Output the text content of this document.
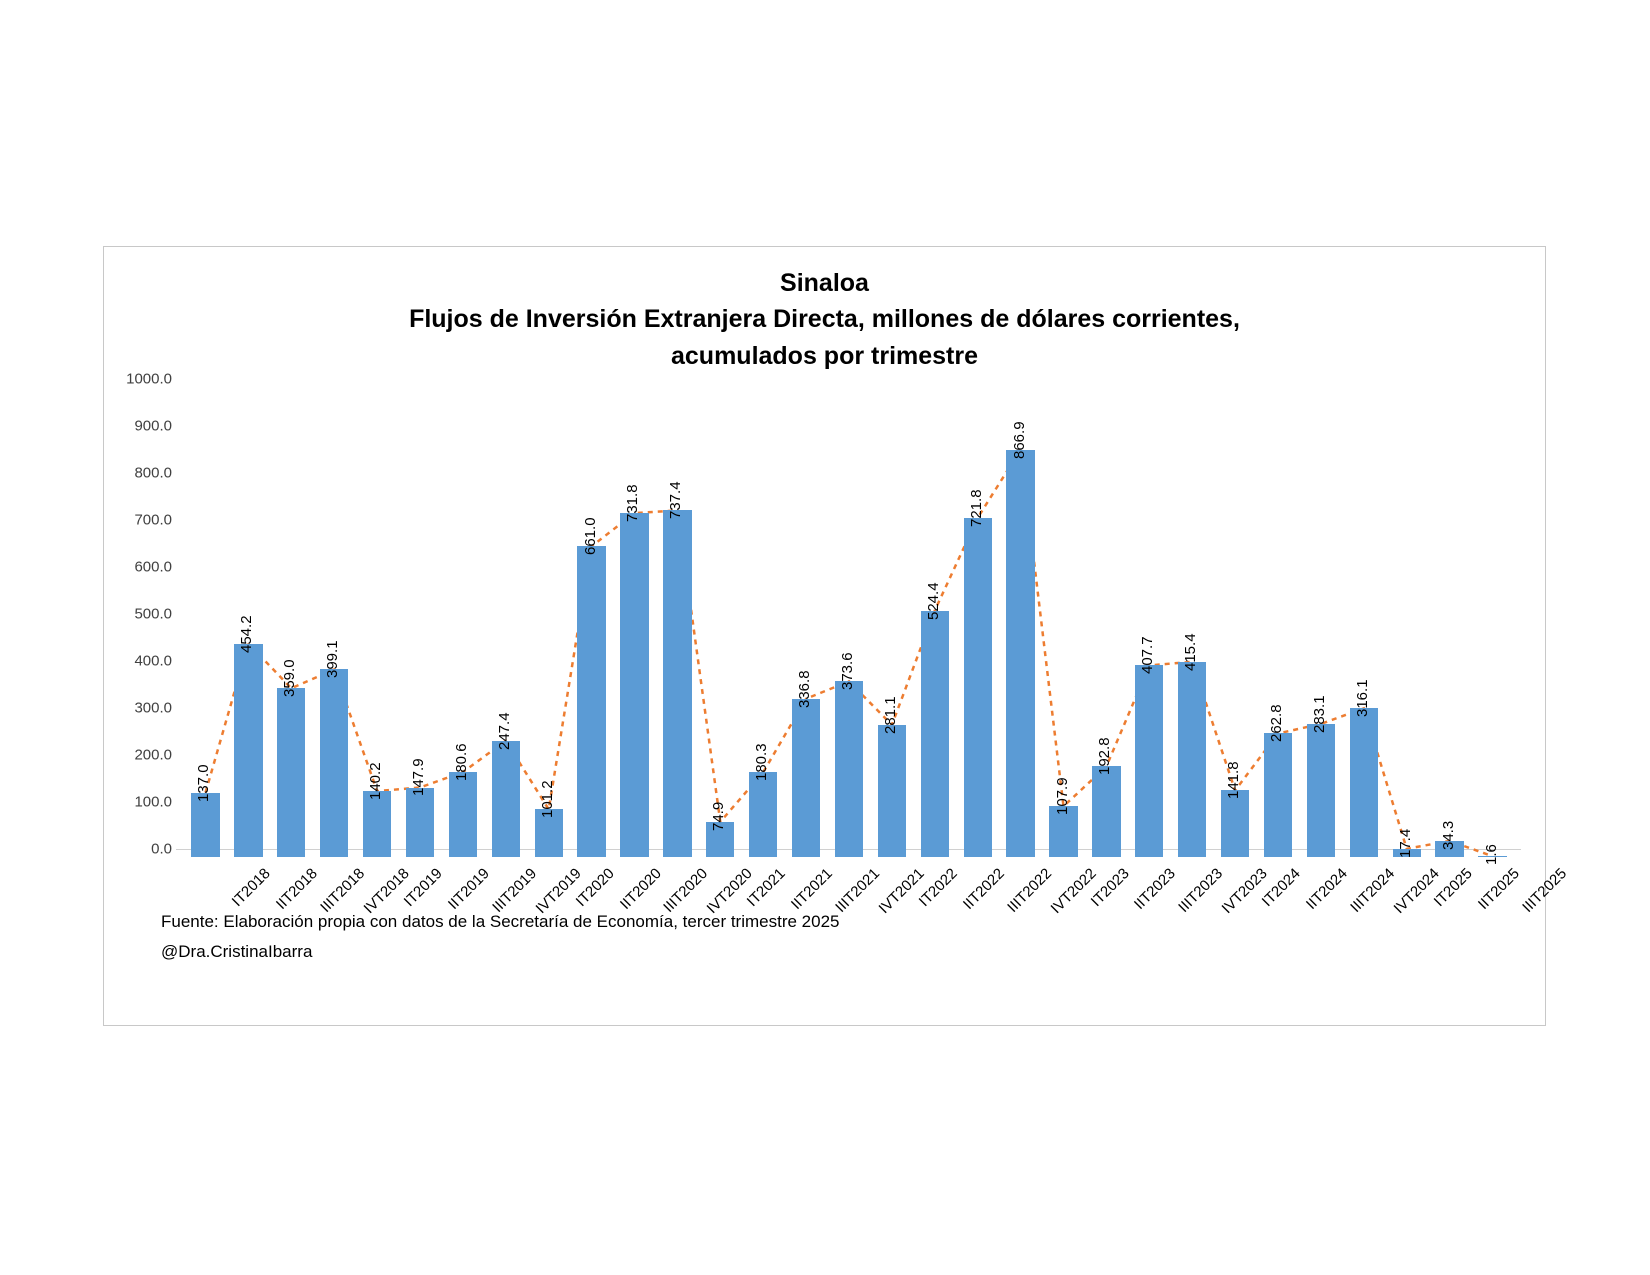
Sinaloa
Flujos de Inversión Extranjera Directa, millones de dólares corrientes,
acumulados por trimestre
0.0
100.0
200.0
300.0
400.0
500.0
600.0
700.0
800.0
900.0
1000.0
137.0
454.2
359.0
399.1
140.2 147.9 180.6
247.4
101.2
661.0
731.8 737.4
74.9
180.3
336.8 373.6
281.1
524.4
721.8
866.9
107.9
192.8
407.7 415.4
141.8
262.8 283.1 316.1
17.4 34.3
1.6
IT2018 IIT2018
IIIT2018
IVT2018
IT2019 IIT2019
IIIT2019
IVT2019
IT2020 IIT2020
IIIT2020
IVT2020
IT2021 IIT2021
IIIT2021
IVT2021
IT2022 IIT2022
IIIT2022
IVT2022
IT2023 IIT2023
IIIT2023
IVT2023
IT2024 IIT2024
IIIT2024
IVT2024
IT2025 IIT2025
IIIT2025
Fuente: Elaboración propia con datos de la Secretaría de Economía, tercer trimestre 2025
@Dra.CristinaIbarra
